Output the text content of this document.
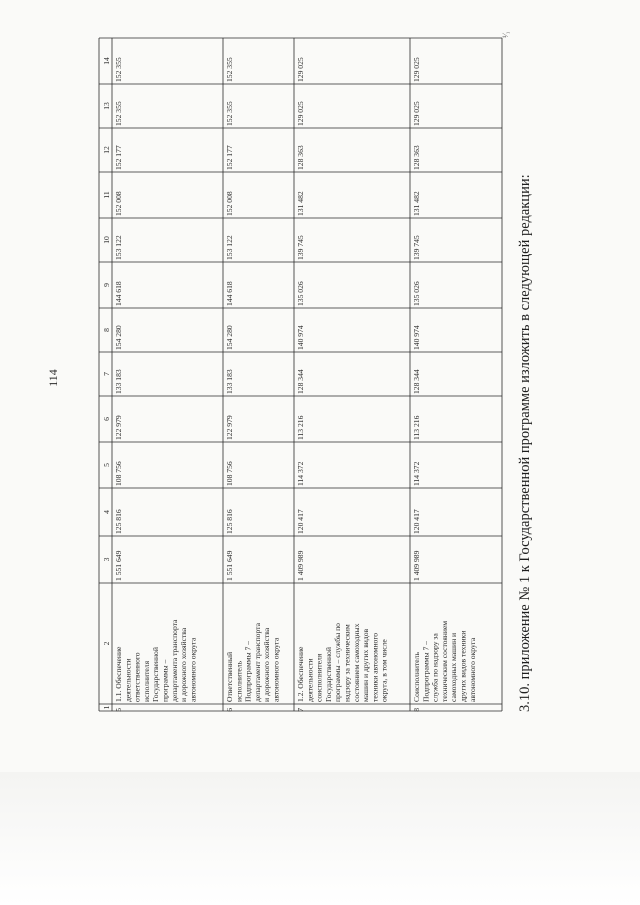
114
1
2
3
4
5
6
7
8
9
10
11
12
13
14
5
1.1. Обеспечение деятельности ответственного исполнителя Государственной программы – департамента транспорта и дорожного хозяйства автономного округа
1 551 649
125 816
108 756
122 979
133 183
154 280
144 618
153 122
152 008
152 177
152 355
152 355
6
Ответственный исполнитель Подпрограммы 7 – департамент транспорта и дорожного хозяйства автономного округа
1 551 649
125 816
108 756
122 979
133 183
154 280
144 618
153 122
152 008
152 177
152 355
152 355
7
1.2. Обеспечение деятельности соисполнителя Государственной программы – службы по надзору за техническим состоянием самоходных машин и других видов техники автономного округа, в том числе
1 409 989
120 417
114 372
113 216
128 344
140 974
135 026
139 745
131 482
128 363
129 025
129 025
8
Соисполнитель Подпрограммы 7 – служба по надзору за техническим состоянием самоходных машин и других видов техники автономного округа
1 409 989
120 417
114 372
113 216
128 344
140 974
135 026
139 745
131 482
128 363
129 025
129 025
3.10. приложение № 1 к Государственной программе изложить в следующей редакции:
¹⁄₁
